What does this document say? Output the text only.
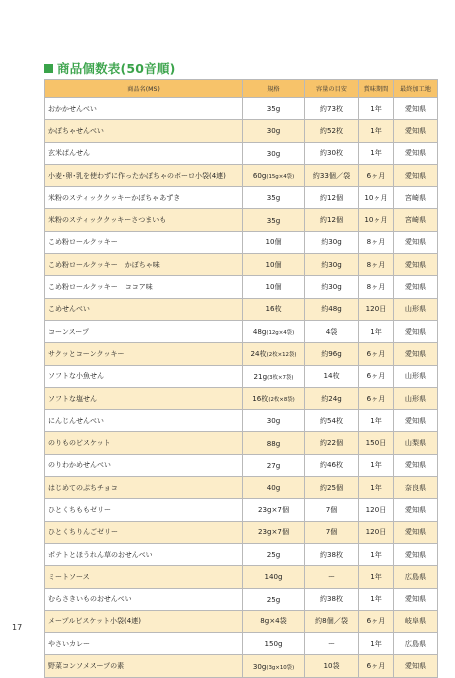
商品個数表(50音順)
商品名(MS)	規格	容量の目安	賞味期間	最終加工地
おかかせんべい	35g	約73枚	1年	愛知県
かぼちゃせんべい	30g	約52枚	1年	愛知県
玄米ぱんせん	30g	約30枚	1年	愛知県
小麦･卵･乳を使わずに作ったかぼちゃのボーロ小袋(4連)	60g(15g×4袋)	約33個／袋	6ヶ月	愛知県
米粉のスティッククッキーかぼちゃあずき	35g	約12個	10ヶ月	宮崎県
米粉のスティッククッキーさつまいも	35g	約12個	10ヶ月	宮崎県
こめ粉ロールクッキー	10個	約30g	8ヶ月	愛知県
こめ粉ロールクッキー　かぼちゃ味	10個	約30g	8ヶ月	愛知県
こめ粉ロールクッキー　ココア味	10個	約30g	8ヶ月	愛知県
こめせんべい	16枚	約48g	120日	山形県
コーンスープ	48g(12g×4袋)	4袋	1年	愛知県
サクッとコーンクッキー	24枚(2枚×12袋)	約96g	6ヶ月	愛知県
ソフトな小魚せん	21g(3枚×7袋)	14枚	6ヶ月	山形県
ソフトな塩せん	16枚(2枚×8袋)	約24g	6ヶ月	山形県
にんじんせんべい	30g	約54枚	1年	愛知県
のりものビスケット	88g	約22個	150日	山梨県
のりわかめせんべい	27g	約46枚	1年	愛知県
はじめてのぷちチョコ	40g	約25個	1年	奈良県
ひとくちももゼリー	23g×7個	7個	120日	愛知県
ひとくちりんごゼリー	23g×7個	7個	120日	愛知県
ポテトとほうれん草のおせんべい	25g	約38枚	1年	愛知県
ミートソース	140g	ー	1年	広島県
むらさきいものおせんべい	25g	約38枚	1年	愛知県
メープルビスケット小袋(4連)	8g×4袋	約8個／袋	6ヶ月	岐阜県
やさいカレー	150g	ー	1年	広島県
野菜コンソメスープの素	30g(3g×10袋)	10袋	6ヶ月	愛知県
17
